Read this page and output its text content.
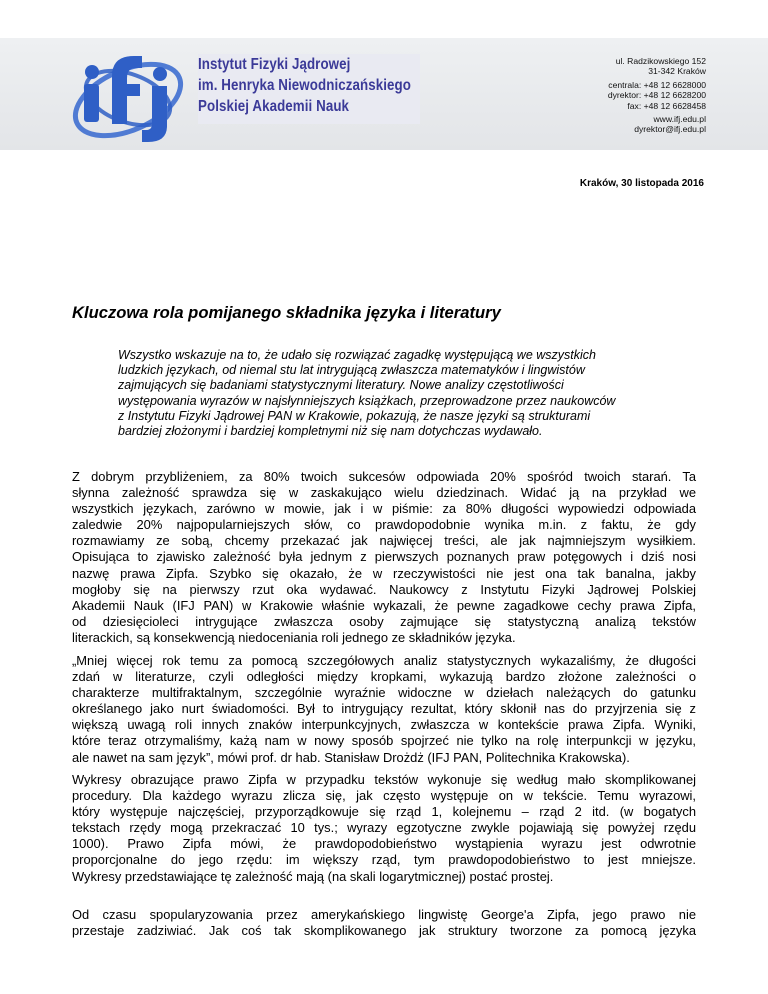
Instytut Fizyki Jądrowej
im. Henryka Niewodniczańskiego
Polskiej Akademii Nauk
ul. Radzikowskiego 152
31-342 Kraków
centrala: +48 12 6628000
dyrektor: +48 12 6628200
fax: +48 12 6628458
www.ifj.edu.pl
dyrektor@ifj.edu.pl
Kraków, 30 listopada 2016
Kluczowa rola pomijanego składnika języka i literatury
Wszystko wskazuje na to, że udało się rozwiązać zagadkę występującą we wszystkich
ludzkich językach, od niemal stu lat intrygującą zwłaszcza matematyków i lingwistów
zajmujących się badaniami statystycznymi literatury. Nowe analizy częstotliwości
występowania wyrazów w najsłynniejszych książkach, przeprowadzone przez naukowców
z Instytutu Fizyki Jądrowej PAN w Krakowie, pokazują, że nasze języki są strukturami
bardziej złożonymi i bardziej kompletnymi niż się nam dotychczas wydawało.
Z dobrym przybliżeniem, za 80% twoich sukcesów odpowiada 20% spośród twoich starań. Ta
słynna zależność sprawdza się w zaskakująco wielu dziedzinach. Widać ją na przykład we
wszystkich językach, zarówno w mowie, jak i w piśmie: za 80% długości wypowiedzi odpowiada
zaledwie 20% najpopularniejszych słów, co prawdopodobnie wynika m.in. z faktu, że gdy
rozmawiamy ze sobą, chcemy przekazać jak najwięcej treści, ale jak najmniejszym wysiłkiem.
Opisująca to zjawisko zależność była jednym z pierwszych poznanych praw potęgowych i dziś nosi
nazwę prawa Zipfa. Szybko się okazało, że w rzeczywistości nie jest ona tak banalna, jakby
mogłoby się na pierwszy rzut oka wydawać. Naukowcy z Instytutu Fizyki Jądrowej Polskiej
Akademii Nauk (IFJ PAN) w Krakowie właśnie wykazali, że pewne zagadkowe cechy prawa Zipfa,
od dziesięcioleci intrygujące zwłaszcza osoby zajmujące się statystyczną analizą tekstów
literackich, są konsekwencją niedoceniania roli jednego ze składników języka.
„Mniej więcej rok temu za pomocą szczegółowych analiz statystycznych wykazaliśmy, że długości
zdań w literaturze, czyli odległości między kropkami, wykazują bardzo złożone zależności o
charakterze multifraktalnym, szczególnie wyraźnie widoczne w dziełach należących do gatunku
określanego jako nurt świadomości. Był to intrygujący rezultat, który skłonił nas do przyjrzenia się z
większą uwagą roli innych znaków interpunkcyjnych, zwłaszcza w kontekście prawa Zipfa. Wyniki,
które teraz otrzymaliśmy, każą nam w nowy sposób spojrzeć nie tylko na rolę interpunkcji w języku,
ale nawet na sam język”, mówi prof. dr hab. Stanisław Drożdż (IFJ PAN, Politechnika Krakowska).
Wykresy obrazujące prawo Zipfa w przypadku tekstów wykonuje się według mało skomplikowanej
procedury. Dla każdego wyrazu zlicza się, jak często występuje on w tekście. Temu wyrazowi,
który występuje najczęściej, przyporządkowuje się rząd 1, kolejnemu – rząd 2 itd. (w bogatych
tekstach rzędy mogą przekraczać 10 tys.; wyrazy egzotyczne zwykle pojawiają się powyżej rzędu
1000). Prawo Zipfa mówi, że prawdopodobieństwo wystąpienia wyrazu jest odwrotnie
proporcjonalne do jego rzędu: im większy rząd, tym prawdopodobieństwo to jest mniejsze.
Wykresy przedstawiające tę zależność mają (na skali logarytmicznej) postać prostej.
Od czasu spopularyzowania przez amerykańskiego lingwistę George'a Zipfa, jego prawo nie
przestaje zadziwiać. Jak coś tak skomplikowanego jak struktury tworzone za pomocą języka
